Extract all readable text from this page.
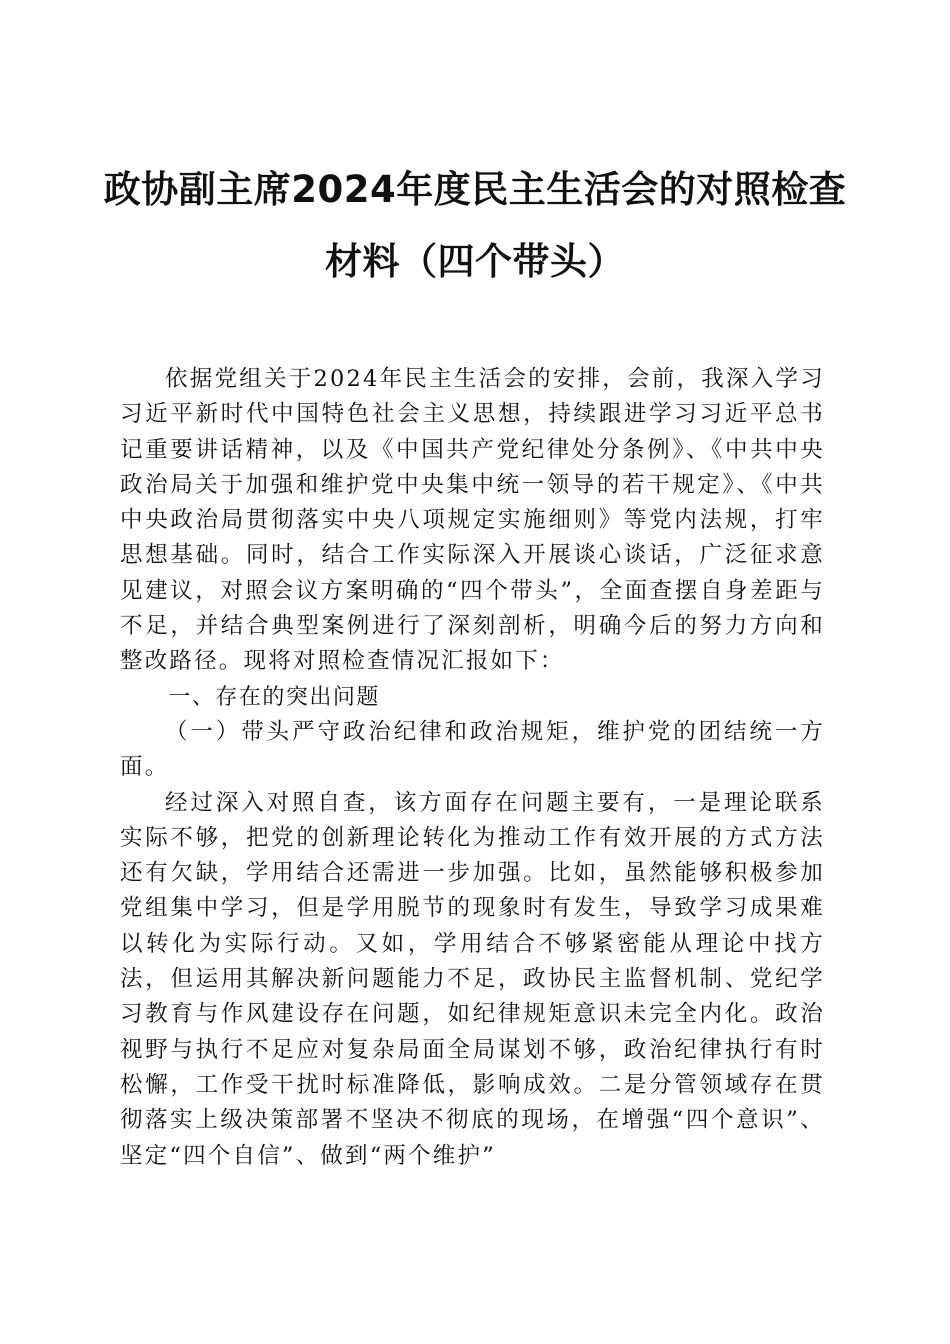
政协副主席2024年度民主生活会的对照检查
材料（四个带头）

依据党组关于2024年民主生活会的安排，会前，我深入学习习近平新时代中国特色社会主义思想，持续跟进学习习近平总书记重要讲话精神，以及《中国共产党纪律处分条例》、《中共中央政治局关于加强和维护党中央集中统一领导的若干规定》、《中共中央政治局贯彻落实中央八项规定实施细则》等党内法规，打牢思想基础。同时，结合工作实际深入开展谈心谈话，广泛征求意见建议，对照会议方案明确的“四个带头”，全面查摆自身差距与不足，并结合典型案例进行了深刻剖析，明确今后的努力方向和整改路径。现将对照检查情况汇报如下：

一、存在的突出问题

（一）带头严守政治纪律和政治规矩，维护党的团结统一方面。

经过深入对照自查，该方面存在问题主要有，一是理论联系实际不够，把党的创新理论转化为推动工作有效开展的方式方法还有欠缺，学用结合还需进一步加强。比如，虽然能够积极参加党组集中学习，但是学用脱节的现象时有发生，导致学习成果难以转化为实际行动。又如，学用结合不够紧密能从理论中找方法，但运用其解决新问题能力不足，政协民主监督机制、党纪学习教育与作风建设存在问题，如纪律规矩意识未完全内化。政治视野与执行不足应对复杂局面全局谋划不够，政治纪律执行有时松懈，工作受干扰时标准降低，影响成效。二是分管领域存在贯彻落实上级决策部署不坚决不彻底的现场，在增强“四个意识”、坚定“四个自信”、做到“两个维护”
